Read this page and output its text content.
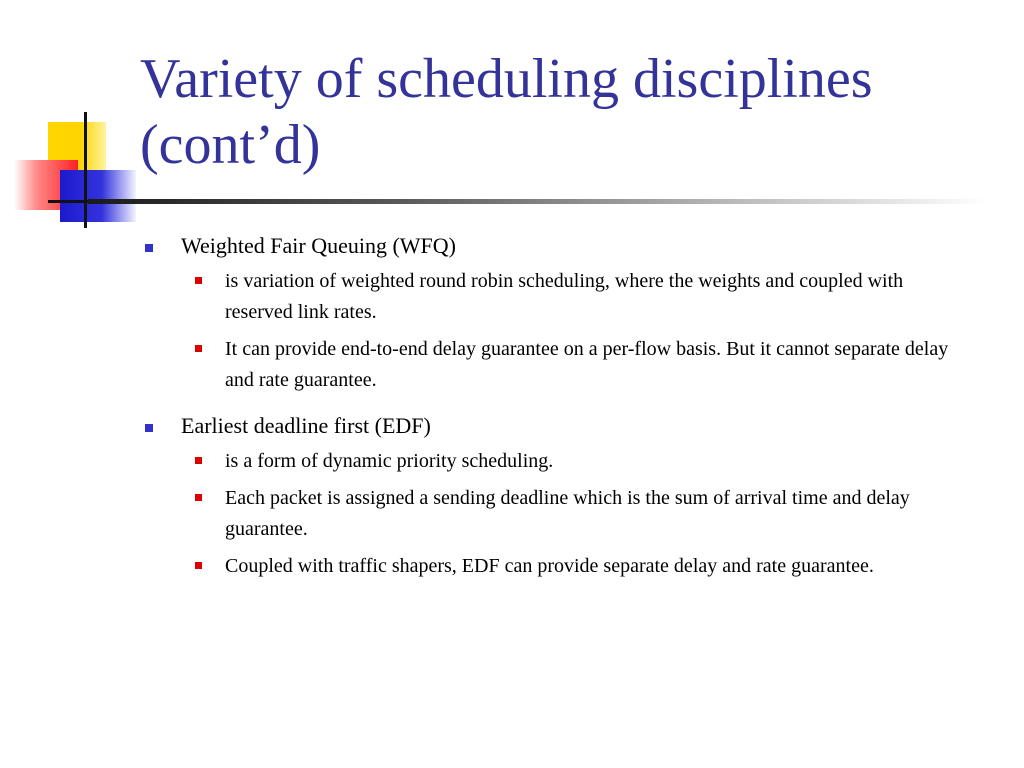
Variety of scheduling disciplines (cont’d)
Weighted Fair Queuing (WFQ)
is variation of weighted round robin scheduling, where the weights and coupled with reserved link rates.
It can provide end-to-end delay guarantee on a per-flow basis. But it cannot separate delay and rate guarantee.
Earliest deadline first (EDF)
is a form of dynamic priority scheduling.
Each packet is assigned a sending deadline which is the sum of arrival time and delay guarantee.
Coupled with traffic shapers, EDF can provide separate delay and rate guarantee.
